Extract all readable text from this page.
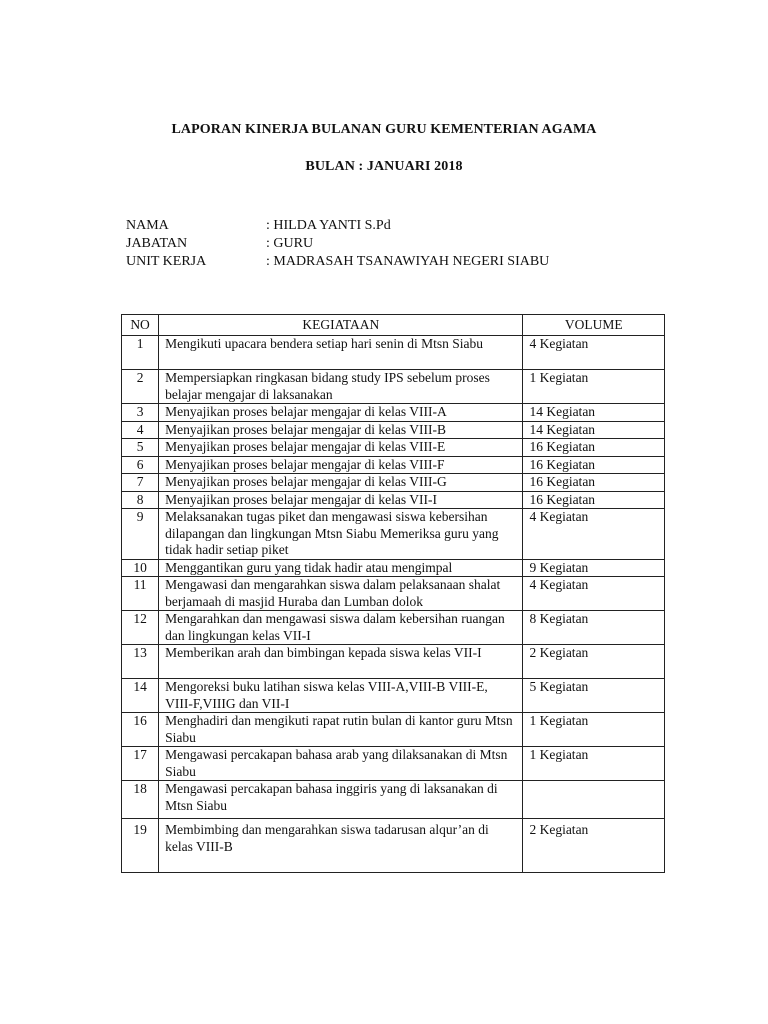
LAPORAN KINERJA BULANAN GURU KEMENTERIAN AGAMA
BULAN : JANUARI 2018
NAMA	: HILDA YANTI S.Pd
JABATAN	: GURU
UNIT KERJA	: MADRASAH TSANAWIYAH NEGERI SIABU
NO	KEGIATAAN	VOLUME
1	Mengikuti upacara bendera setiap hari senin di Mtsn Siabu	4 Kegiatan
2	Mempersiapkan ringkasan bidang study IPS sebelum proses belajar mengajar di laksanakan	1 Kegiatan
3	Menyajikan proses belajar mengajar di kelas VIII-A	14 Kegiatan
4	Menyajikan proses belajar mengajar di kelas VIII-B	14 Kegiatan
5	Menyajikan proses belajar mengajar di kelas VIII-E	16 Kegiatan
6	Menyajikan proses belajar mengajar di kelas VIII-F	16 Kegiatan
7	Menyajikan proses belajar mengajar di kelas VIII-G	16 Kegiatan
8	Menyajikan proses belajar mengajar di kelas VII-I	16 Kegiatan
9	Melaksanakan tugas piket dan mengawasi siswa kebersihan dilapangan dan lingkungan Mtsn Siabu Memeriksa guru yang tidak hadir setiap piket	4 Kegiatan
10	Menggantikan guru yang tidak hadir atau mengimpal	9 Kegiatan
11	Mengawasi dan mengarahkan siswa dalam pelaksanaan shalat berjamaah di masjid Huraba dan Lumban dolok	4 Kegiatan
12	Mengarahkan dan mengawasi siswa dalam kebersihan ruangan dan lingkungan kelas VII-I	8 Kegiatan
13	Memberikan arah dan bimbingan kepada siswa kelas VII-I	2 Kegiatan
14	Mengoreksi buku latihan siswa kelas VIII-A,VIII-B VIII-E, VIII-F,VIIIG dan VII-I	5 Kegiatan
16	Menghadiri dan mengikuti rapat rutin bulan di kantor guru Mtsn Siabu	1 Kegiatan
17	Mengawasi percakapan bahasa arab yang dilaksanakan di Mtsn Siabu	1 Kegiatan
18	Mengawasi percakapan bahasa inggiris yang di laksanakan di Mtsn Siabu	
19	Membimbing dan mengarahkan siswa tadarusan alqur’an di kelas VIII-B	2 Kegiatan
